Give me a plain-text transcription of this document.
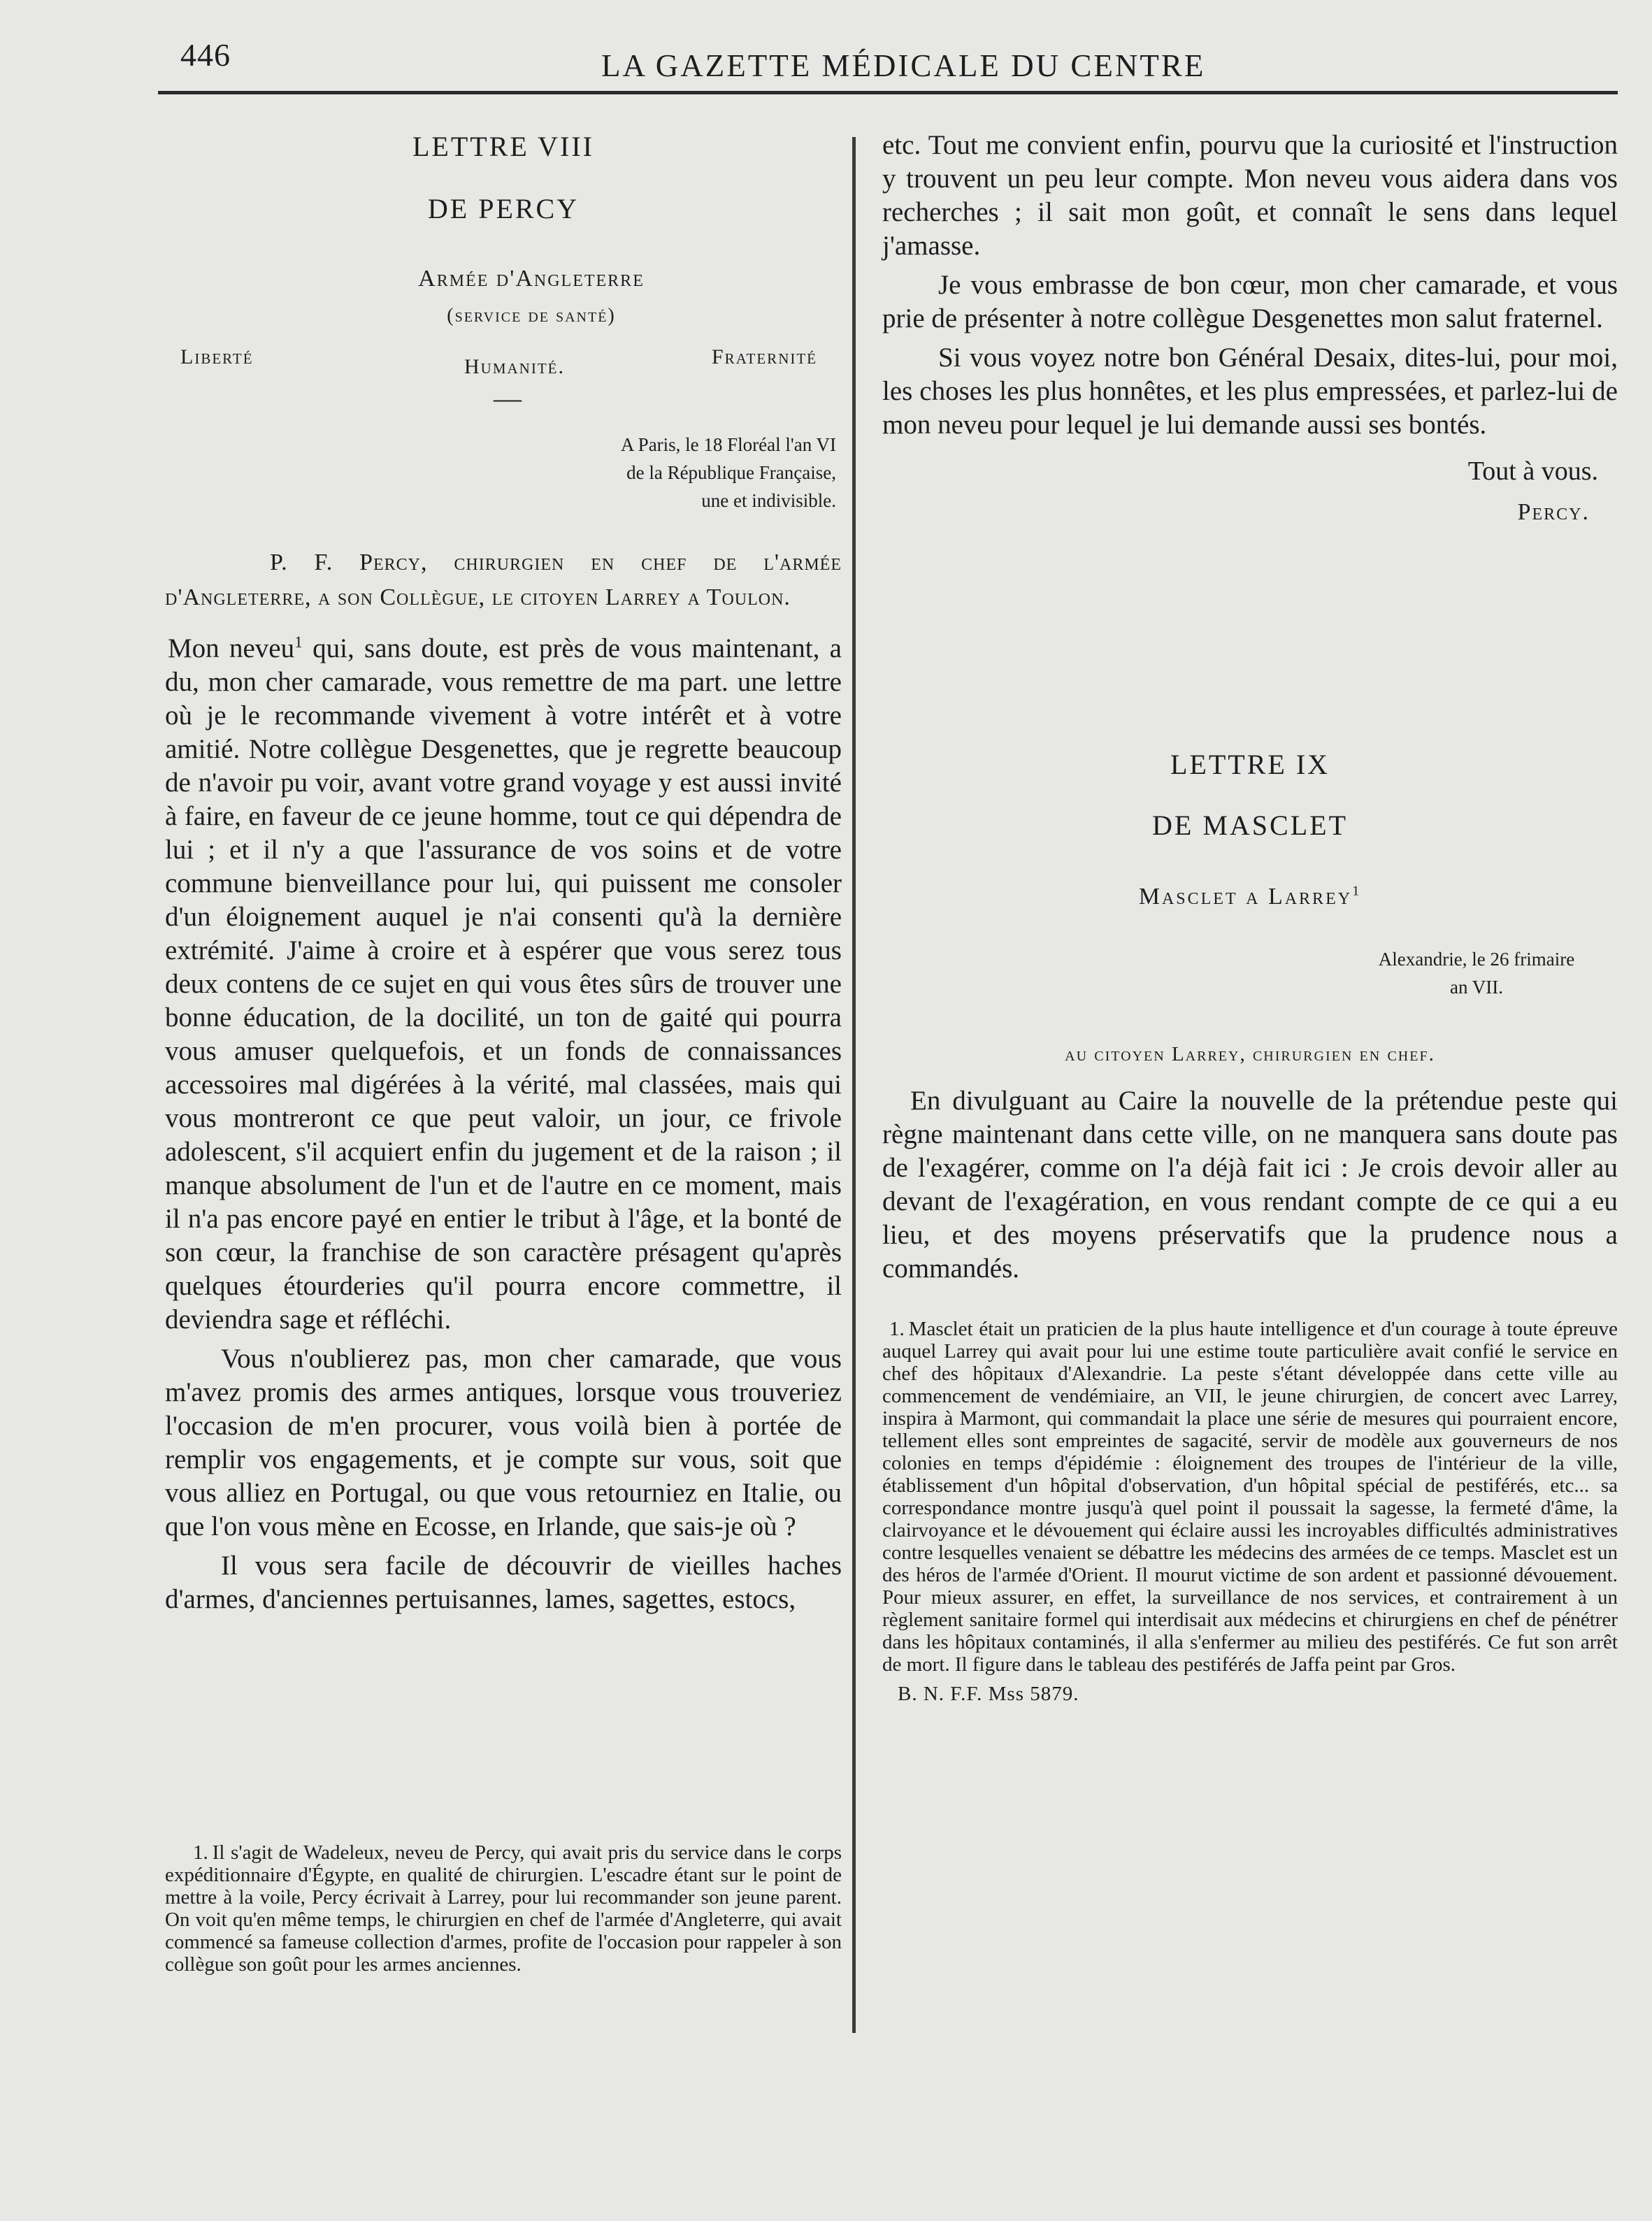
446	LA GAZETTE MÉDICALE DU CENTRE
LETTRE VIII
DE PERCY
Armée d'Angleterre
(service de santé)
Liberté	Humanité.	Fraternité
—
A Paris, le 18 Floréal l'an VI
de la République Française,
une et indivisible.
P. F. Percy, chirurgien en chef de l'armée d'Angleterre, a son Collègue, le citoyen Larrey a Toulon.

Mon neveu$^1$ qui, sans doute, est près de vous maintenant, a du, mon cher camarade, vous remettre de ma part. une lettre où je le recommande vivement à votre intérêt et à votre amitié. Notre collègue Desgenettes, que je regrette beaucoup de n'avoir pu voir, avant votre grand voyage y est aussi invité à faire, en faveur de ce jeune homme, tout ce qui dépendra de lui ; et il n'y a que l'assurance de vos soins et de votre commune bienveillance pour lui, qui puissent me consoler d'un éloignement auquel je n'ai consenti qu'à la dernière extrémité. J'aime à croire et à espérer que vous serez tous deux contens de ce sujet en qui vous êtes sûrs de trouver une bonne éducation, de la docilité, un ton de gaité qui pourra vous amuser quelquefois, et un fonds de connaissances accessoires mal digérées à la vérité, mal classées, mais qui vous montreront ce que peut valoir, un jour, ce frivole adolescent, s'il acquiert enfin du jugement et de la raison ; il manque absolument de l'un et de l'autre en ce moment, mais il n'a pas encore payé en entier le tribut à l'âge, et la bonté de son cœur, la franchise de son caractère présagent qu'après quelques étourderies qu'il pourra encore commettre, il deviendra sage et réfléchi.

Vous n'oublierez pas, mon cher camarade, que vous m'avez promis des armes antiques, lorsque vous trouveriez l'occasion de m'en procurer, vous voilà bien à portée de remplir vos engagements, et je compte sur vous, soit que vous alliez en Portugal, ou que vous retourniez en Italie, ou que l'on vous mène en Ecosse, en Irlande, que sais-je où ?

Il vous sera facile de découvrir de vieilles haches d'armes, d'anciennes pertuisannes, lames, sagettes, estocs,

1. Il s'agit de Wadeleux, neveu de Percy, qui avait pris du service dans le corps expéditionnaire d'Égypte, en qualité de chirurgien. L'escadre étant sur le point de mettre à la voile, Percy écrivait à Larrey, pour lui recommander son jeune parent. On voit qu'en même temps, le chirurgien en chef de l'armée d'Angleterre, qui avait commencé sa fameuse collection d'armes, profite de l'occasion pour rappeler à son collègue son goût pour les armes anciennes.

etc. Tout me convient enfin, pourvu que la curiosité et l'instruction y trouvent un peu leur compte. Mon neveu vous aidera dans vos recherches ; il sait mon goût, et connaît le sens dans lequel j'amasse.

Je vous embrasse de bon cœur, mon cher camarade, et vous prie de présenter à notre collègue Desgenettes mon salut fraternel.

Si vous voyez notre bon Général Desaix, dites-lui, pour moi, les choses les plus honnêtes, et les plus empressées, et parlez-lui de mon neveu pour lequel je lui demande aussi ses bontés.

Tout à vous.
Percy.
LETTRE IX
DE MASCLET
Masclet a Larrey$^1$
Alexandrie, le 26 frimaire
an VII.
au citoyen Larrey, chirurgien en chef.

En divulguant au Caire la nouvelle de la prétendue peste qui règne maintenant dans cette ville, on ne manquera sans doute pas de l'exagérer, comme on l'a déjà fait ici : Je crois devoir aller au devant de l'exagération, en vous rendant compte de ce qui a eu lieu, et des moyens préservatifs que la prudence nous a commandés.

1. Masclet était un praticien de la plus haute intelligence et d'un courage à toute épreuve auquel Larrey qui avait pour lui une estime toute particulière avait confié le service en chef des hôpitaux d'Alexandrie. La peste s'étant développée dans cette ville au commencement de vendémiaire, an VII, le jeune chirurgien, de concert avec Larrey, inspira à Marmont, qui commandait la place une série de mesures qui pourraient encore, tellement elles sont empreintes de sagacité, servir de modèle aux gouverneurs de nos colonies en temps d'épidémie : éloignement des troupes de l'intérieur de la ville, établissement d'un hôpital d'observation, d'un hôpital spécial de pestiférés, etc... sa correspondance montre jusqu'à quel point il poussait la sagesse, la fermeté d'âme, la clairvoyance et le dévouement qui éclaire aussi les incroyables difficultés administratives contre lesquelles venaient se débattre les médecins des armées de ce temps. Masclet est un des héros de l'armée d'Orient. Il mourut victime de son ardent et passionné dévouement. Pour mieux assurer, en effet, la surveillance de nos services, et contrairement à un règlement sanitaire formel qui interdisait aux médecins et chirurgiens en chef de pénétrer dans les hôpitaux contaminés, il alla s'enfermer au milieu des pestiférés. Ce fut son arrêt de mort. Il figure dans le tableau des pestiférés de Jaffa peint par Gros.
B. N. F.F. Mss 5879.
